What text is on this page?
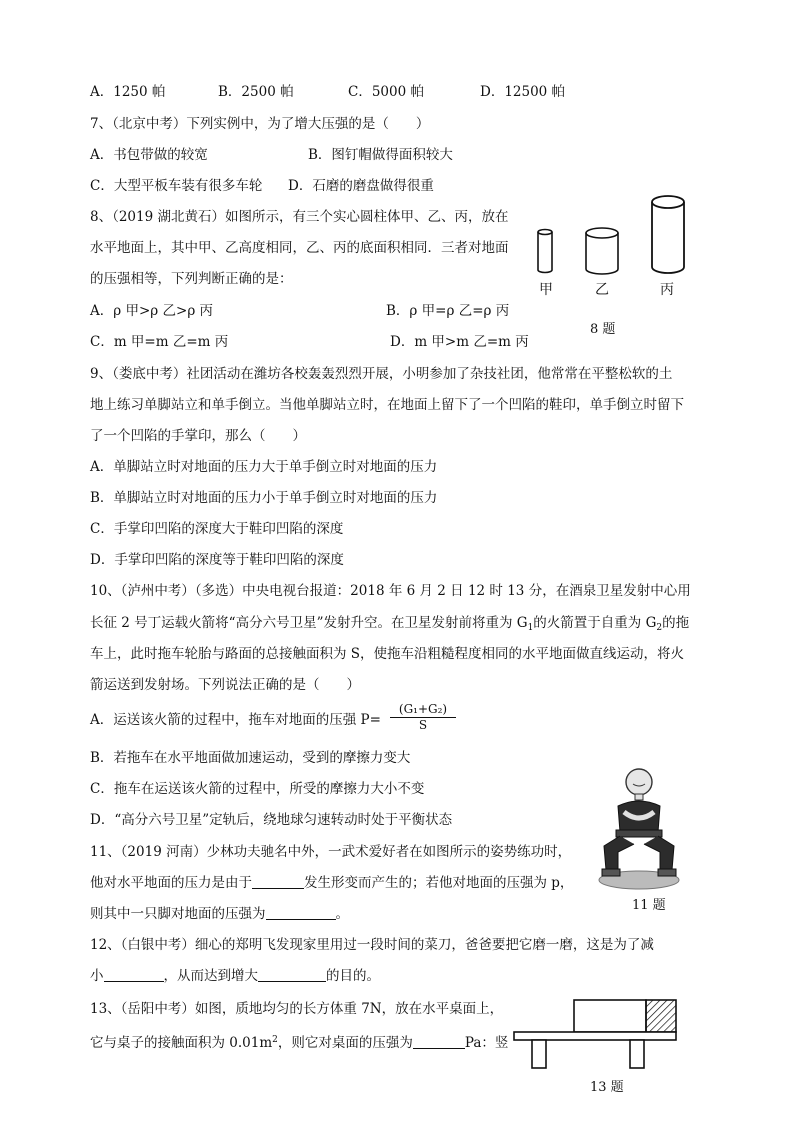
A．1250 帕	B．2500 帕	C．5000 帕	D．12500 帕
7、（北京中考）下列实例中，为了增大压强的是（　　）
A．书包带做的较宽	B．图钉帽做得面积较大
C．大型平板车装有很多车轮 D．石磨的磨盘做得很重
8、（2019 湖北黄石）如图所示，有三个实心圆柱体甲、乙、丙，放在
水平地面上，其中甲、乙高度相同，乙、丙的底面积相同．三者对地面
的压强相等，下列判断正确的是：
A．ρ 甲>ρ 乙>ρ 丙	B．ρ 甲=ρ 乙=ρ 丙
C．m 甲=m 乙=m 丙	D．m 甲>m 乙=m 丙
甲	乙	丙
8 题
9、（娄底中考）社团活动在潍坊各校轰轰烈烈开展，小明参加了杂技社团，他常常在平整松软的土
地上练习单脚站立和单手倒立。当他单脚站立时，在地面上留下了一个凹陷的鞋印，单手倒立时留下
了一个凹陷的手掌印，那么（　　）
A．单脚站立时对地面的压力大于单手倒立时对地面的压力
B．单脚站立时对地面的压力小于单手倒立时对地面的压力
C．手掌印凹陷的深度大于鞋印凹陷的深度
D．手掌印凹陷的深度等于鞋印凹陷的深度
10、（泸州中考）（多选）中央电视台报道：2018 年 6 月 2 日 12 时 13 分，在酒泉卫星发射中心用
长征 2 号丁运载火箭将“高分六号卫星”发射升空。在卫星发射前将重为 $G_1$的火箭置于自重为 $G_2$的拖
车上，此时拖车轮胎与路面的总接触面积为 S，使拖车沿粗糙程度相同的水平地面做直线运动，将火
箭运送到发射场。下列说法正确的是（　　）
A．运送该火箭的过程中，拖车对地面的压强 $P= \frac{\text{(G₁+G₂)}}{S}$
B．若拖车在水平地面做加速运动，受到的摩擦力变大
C．拖车在运送该火箭的过程中，所受的摩擦力大小不变
D．“高分六号卫星”定轨后，绕地球匀速转动时处于平衡状态
11 题
11、（2019 河南）少林功夫驰名中外，一武术爱好者在如图所示的姿势练功时，
他对水平地面的压力是由于	发生形变而产生的；若他对地面的压强为 p，
则其中一只脚对地面的压强为	。
12、（白银中考）细心的郑明飞发现家里用过一段时间的菜刀，爸爸要把它磨一磨，这是为了减
小	，从而达到增大	的目的。
13、（岳阳中考）如图，质地均匀的长方体重 7N，放在水平桌面上，
它与桌子的接触面积为 $0.01m^2$，则它对桌面的压强为	Pa：竖
13 题
